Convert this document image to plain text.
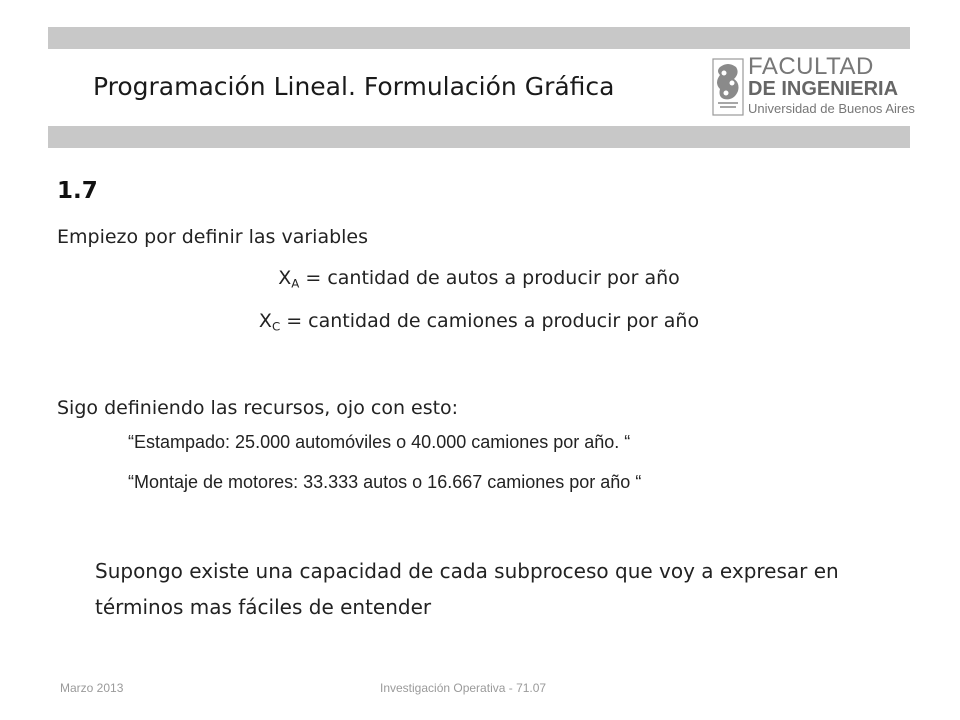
Programación Lineal. Formulación Gráfica
FACULTAD
DE INGENIERIA
Universidad de Buenos Aires
1.7
Empiezo por definir las variables
$X_A$ = cantidad de autos a producir por año
$X_C$ = cantidad de camiones a producir por año
Sigo definiendo las recursos, ojo con esto:
“Estampado: 25.000 automóviles o 40.000 camiones por año. “
“Montaje de motores: 33.333 autos o 16.667 camiones por año “
Supongo existe una capacidad de cada subproceso que voy a expresar en términos mas fáciles de entender
Marzo 2013	Investigación Operativa - 71.07
